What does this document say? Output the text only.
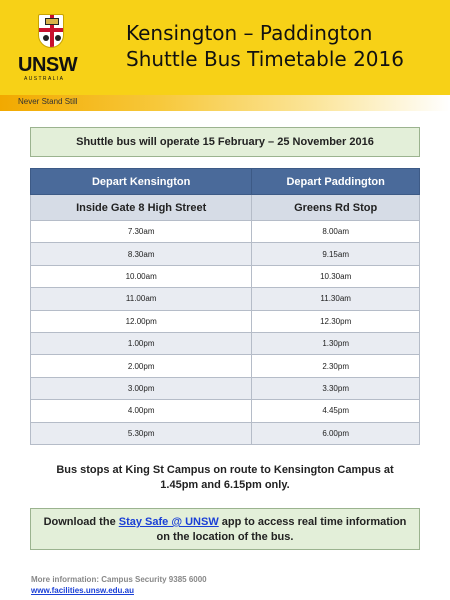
UNSW
AUSTRALIA
Kensington – Paddington
Shuttle Bus Timetable 2016
Never Stand Still
Shuttle bus will operate 15 February – 25 November 2016
Depart Kensington	Depart Paddington
Inside Gate 8 High Street	Greens Rd Stop
7.30am	8.00am
8.30am	9.15am
10.00am	10.30am
11.00am	11.30am
12.00pm	12.30pm
1.00pm	1.30pm
2.00pm	2.30pm
3.00pm	3.30pm
4.00pm	4.45pm
5.30pm	6.00pm
Bus stops at King St Campus on route to Kensington Campus at
1.45pm and 6.15pm only.
Download the Stay Safe @ UNSW app to access real time information
on the location of the bus.
More information: Campus Security 9385 6000
www.facilities.unsw.edu.au
